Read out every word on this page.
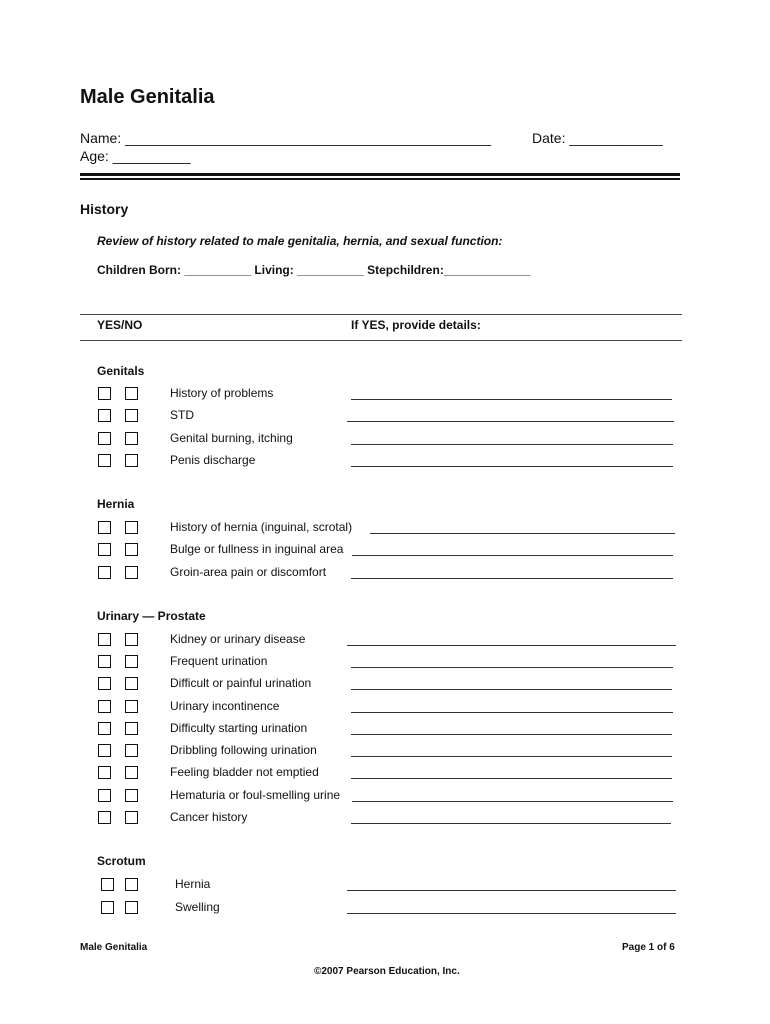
Male Genitalia
Name: _______________________________________________	Date: ____________
Age: __________
History
Review of history related to male genitalia, hernia, and sexual function:
Children Born: __________ Living: __________ Stepchildren:_____________
YES/NO	If YES, provide details:
Genitals
History of problems
STD
Genital burning, itching
Penis discharge
Hernia
History of hernia (inguinal, scrotal)
Bulge or fullness in inguinal area
Groin-area pain or discomfort
Urinary — Prostate
Kidney or urinary disease
Frequent urination
Difficult or painful urination
Urinary incontinence
Difficulty starting urination
Dribbling following urination
Feeling bladder not emptied
Hematuria or foul-smelling urine
Cancer history
Scrotum
Hernia
Swelling
Male Genitalia	Page 1 of 6
©2007 Pearson Education, Inc.
